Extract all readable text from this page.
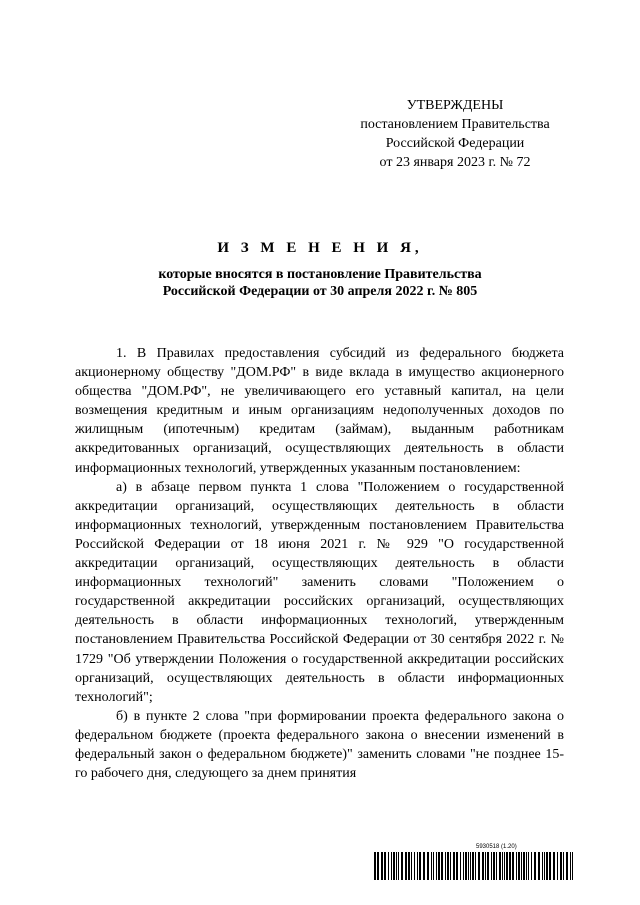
УТВЕРЖДЕНЫ
постановлением Правительства
Российской Федерации
от 23 января 2023 г. № 72
И З М Е Н Е Н И Я,
которые вносятся в постановление Правительства
Российской Федерации от 30 апреля 2022 г. № 805

1. В Правилах предоставления субсидий из федерального бюджета акционерному обществу "ДОМ.РФ" в виде вклада в имущество акционерного общества "ДОМ.РФ", не увеличивающего его уставный капитал, на цели возмещения кредитным и иным организациям недополученных доходов по жилищным (ипотечным) кредитам (займам), выданным работникам аккредитованных организаций, осуществляющих деятельность в области информационных технологий, утвержденных указанным постановлением:

а) в абзаце первом пункта 1 слова "Положением о государственной аккредитации организаций, осуществляющих деятельность в области информационных технологий, утвержденным постановлением Правительства Российской Федерации от 18 июня 2021 г. № 929 "О государственной аккредитации организаций, осуществляющих деятельность в области информационных технологий" заменить словами "Положением о государственной аккредитации российских организаций, осуществляющих деятельность в области информационных технологий, утвержденным постановлением Правительства Российской Федерации от 30 сентября 2022 г. № 1729 "Об утверждении Положения о государственной аккредитации российских организаций, осуществляющих деятельность в области информационных технологий";

б) в пункте 2 слова "при формировании проекта федерального закона о федеральном бюджете (проекта федерального закона о внесении изменений в федеральный закон о федеральном бюджете)" заменить словами "не позднее 15-го рабочего дня, следующего за днем принятия

5930518 (1.20)
